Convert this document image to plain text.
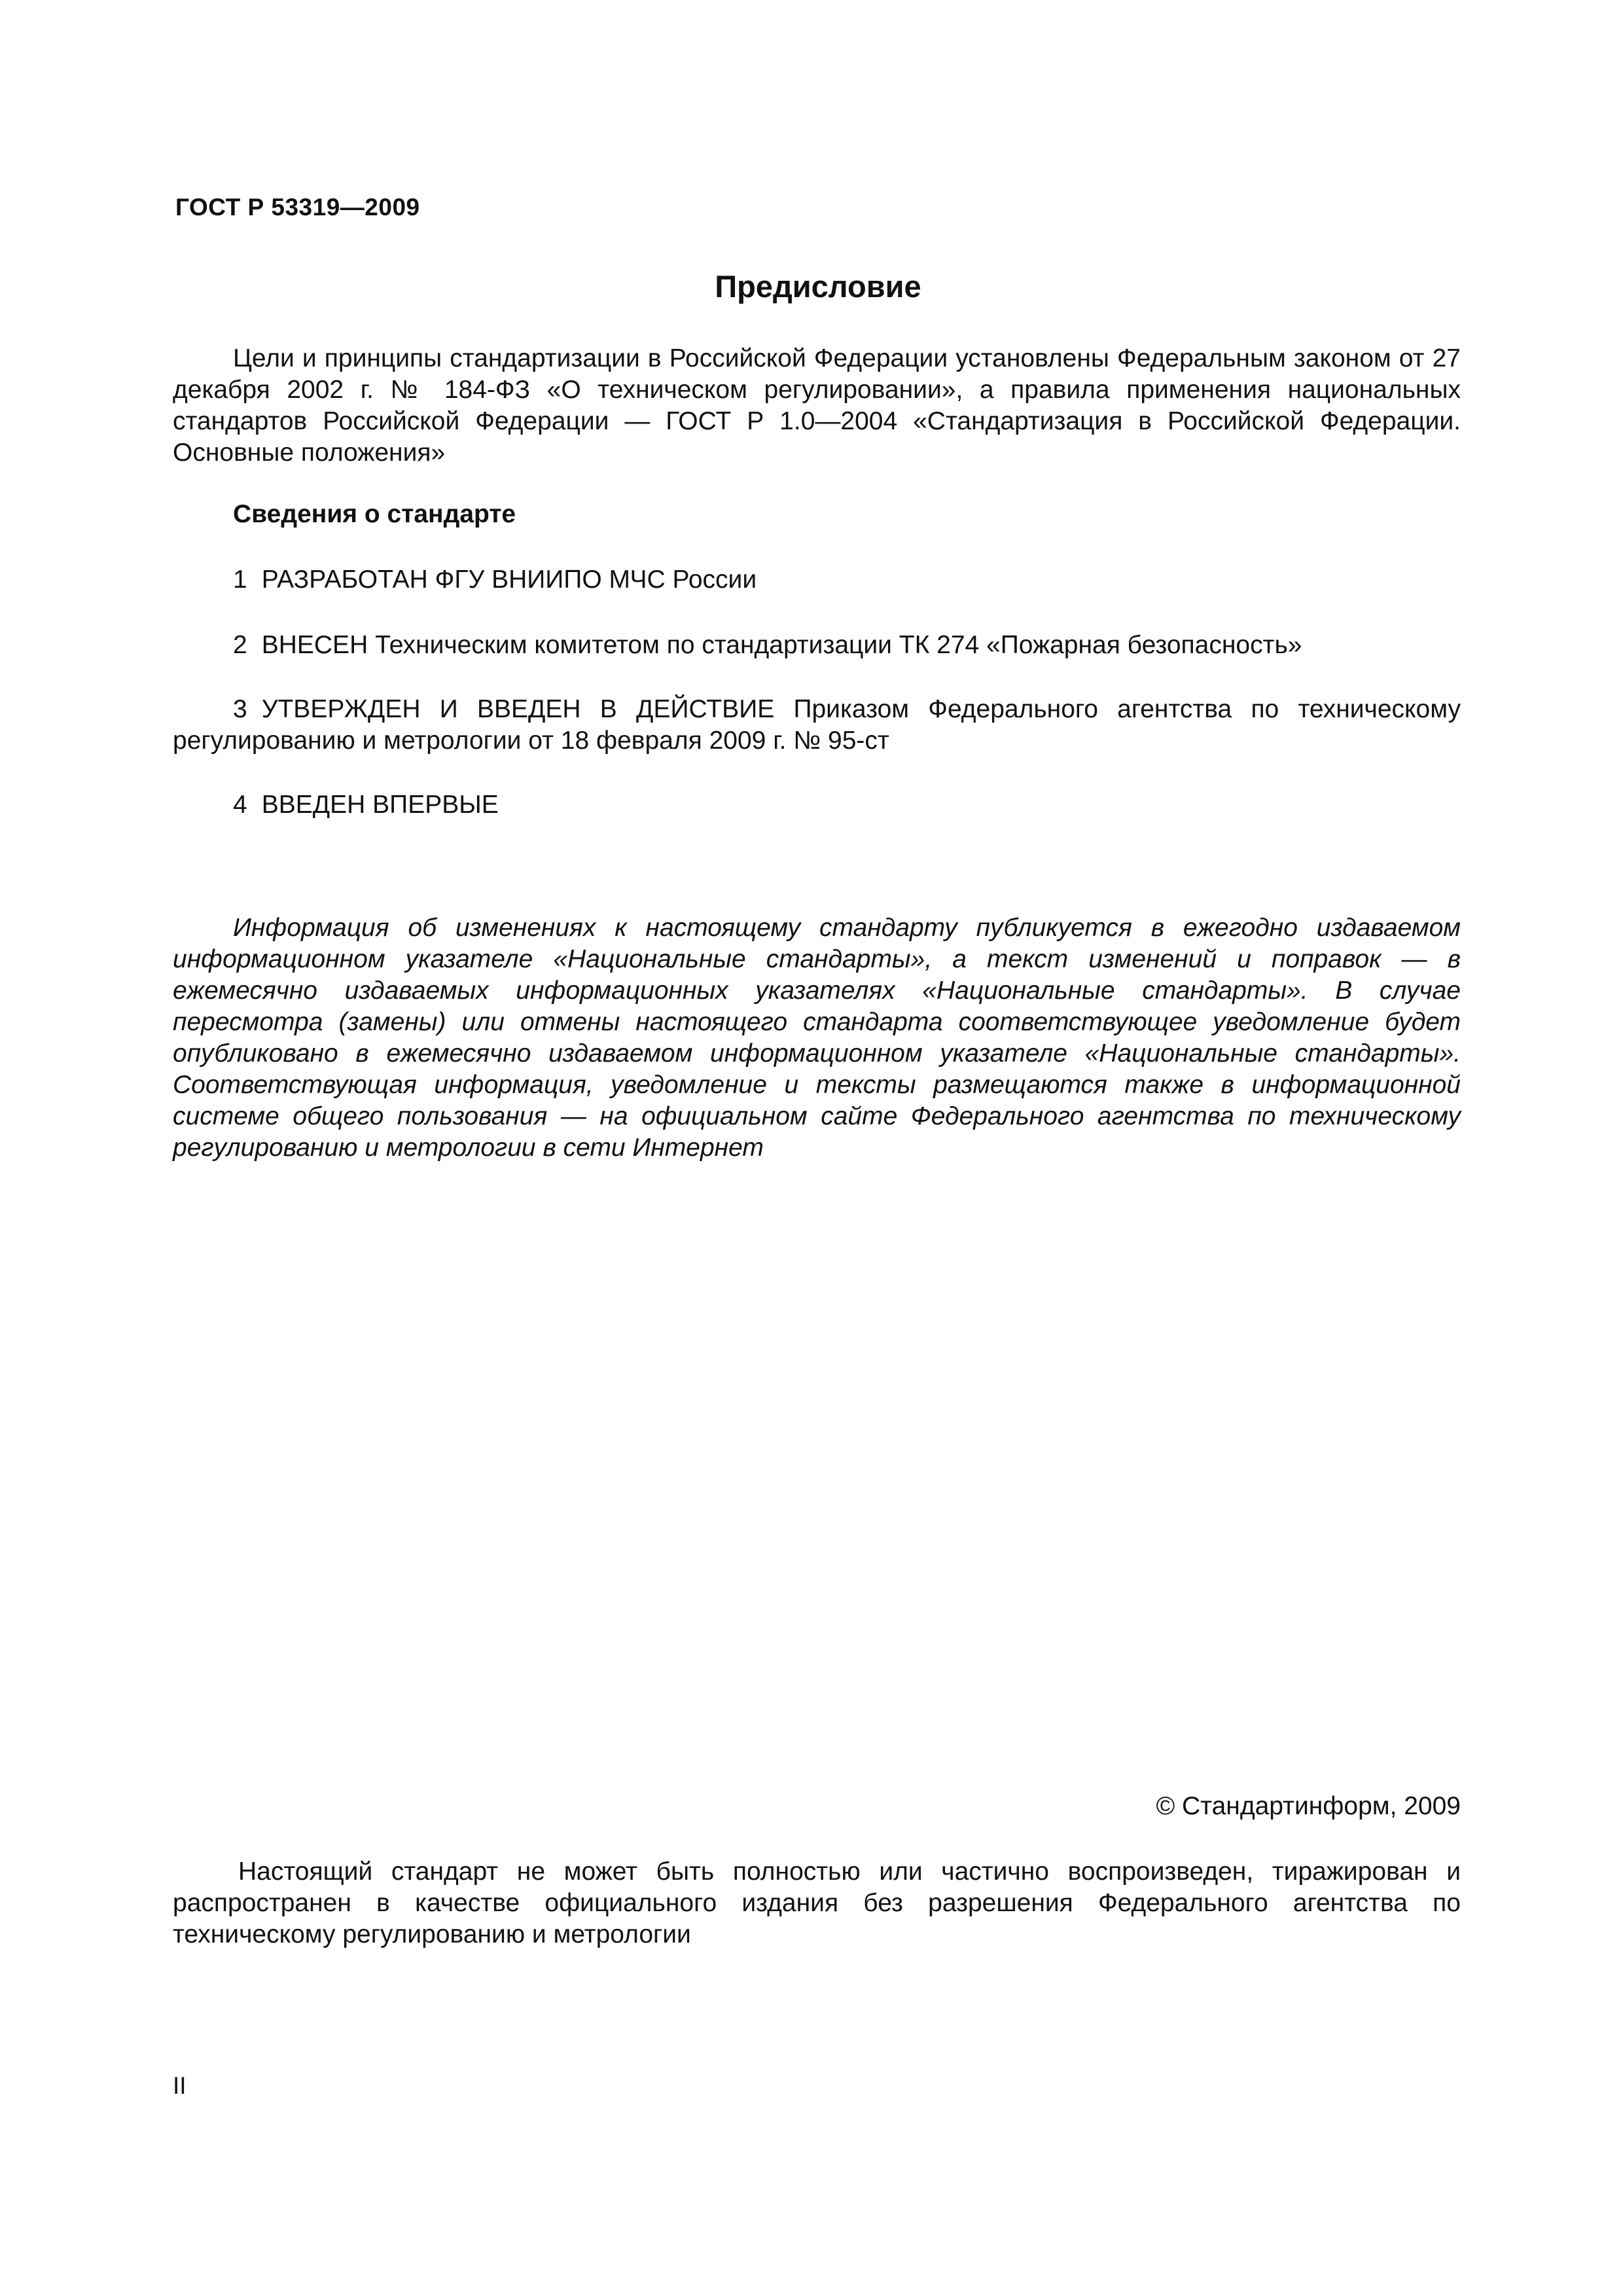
ГОСТ Р 53319—2009
Предисловие

Цели и принципы стандартизации в Российской Федерации установлены Федеральным законом от 27 декабря 2002 г. № 184-ФЗ «О техническом регулировании», а правила применения национальных стандартов Российской Федерации — ГОСТ Р 1.0—2004 «Стандартизация в Российской Федерации. Основные положения»

Сведения о стандарте

1 РАЗРАБОТАН ФГУ ВНИИПО МЧС России

2 ВНЕСЕН Техническим комитетом по стандартизации ТК 274 «Пожарная безопасность»

3 УТВЕРЖДЕН И ВВЕДЕН В ДЕЙСТВИЕ Приказом Федерального агентства по техническому регулированию и метрологии от 18 февраля 2009 г. № 95-ст

4 ВВЕДЕН ВПЕРВЫЕ

Информация об изменениях к настоящему стандарту публикуется в ежегодно издаваемом информационном указателе «Национальные стандарты», а текст изменений и поправок — в ежемесячно издаваемых информационных указателях «Национальные стандарты». В случае пересмотра (замены) или отмены настоящего стандарта соответствующее уведомление будет опубликовано в ежемесячно издаваемом информационном указателе «Национальные стандарты». Соответствующая информация, уведомление и тексты размещаются также в информационной системе общего пользования — на официальном сайте Федерального агентства по техническому регулированию и метрологии в сети Интернет

© Стандартинформ, 2009

Настоящий стандарт не может быть полностью или частично воспроизведен, тиражирован и распространен в качестве официального издания без разрешения Федерального агентства по техническому регулированию и метрологии

II
